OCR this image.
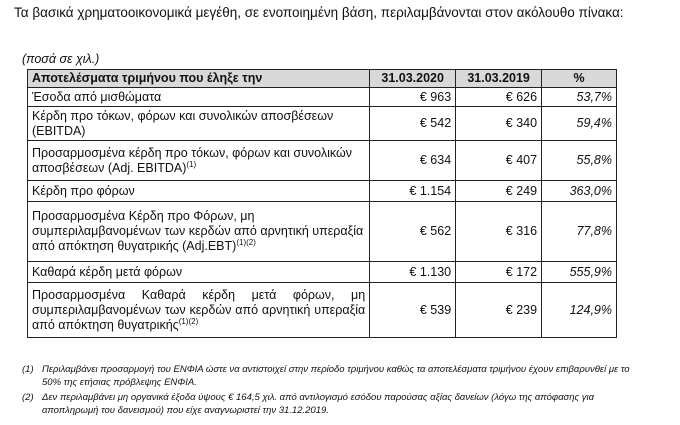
Τα βασικά χρηματοοικονομικά μεγέθη, σε ενοποιημένη βάση, περιλαμβάνονται στον ακόλουθο πίνακα:

(ποσά σε χιλ.)

Αποτελέσματα τριμήνου που έληξε την	31.03.2020	31.03.2019	%
Έσοδα από μισθώματα	€ 963	€ 626	53,7%
Κέρδη προ τόκων, φόρων και συνολικών αποσβέσεων (EBITDA)	€ 542	€ 340	59,4%
Προσαρμοσμένα κέρδη προ τόκων, φόρων και συνολικών αποσβέσεων (Adj. EBITDA)$^{(1)}$	€ 634	€ 407	55,8%
Κέρδη προ φόρων	€ 1.154	€ 249	363,0%
Προσαρμοσμένα Κέρδη προ Φόρων, μη συμπεριλαμβανομένων των κερδών από αρνητική υπεραξία από απόκτηση θυγατρικής $(Adj.EBT)^{(1)(2)}$	€ 562	€ 316	77,8%
Καθαρά κέρδη μετά φόρων	€ 1.130	€ 172	555,9%
Προσαρμοσμένα Καθαρά κέρδη μετά φόρων, μη συμπεριλαμβανομένων των κερδών από αρνητική υπεραξία από απόκτηση θυγατρικής$^{(1)(2)}$	€ 539	€ 239	124,9%
(1) Περιλαμβάνει προσαρμογή του ΕΝΦΙΑ ώστε να αντιστοιχεί στην περίοδο τριμήνου καθώς τα αποτελέσματα τριμήνου έχουν επιβαρυνθεί με το 50% της ετήσιας πρόβλεψης ΕΝΦΙΑ.
(2) Δεν περιλαμβάνει μη οργανικά έξοδα ύψους € 164,5 χιλ. από αντιλογισμό εσόδου παρούσας αξίας δανείων (λόγω της απόφασης για αποπληρωμή του δανεισμού) που είχε αναγνωριστεί την 31.12.2019.
